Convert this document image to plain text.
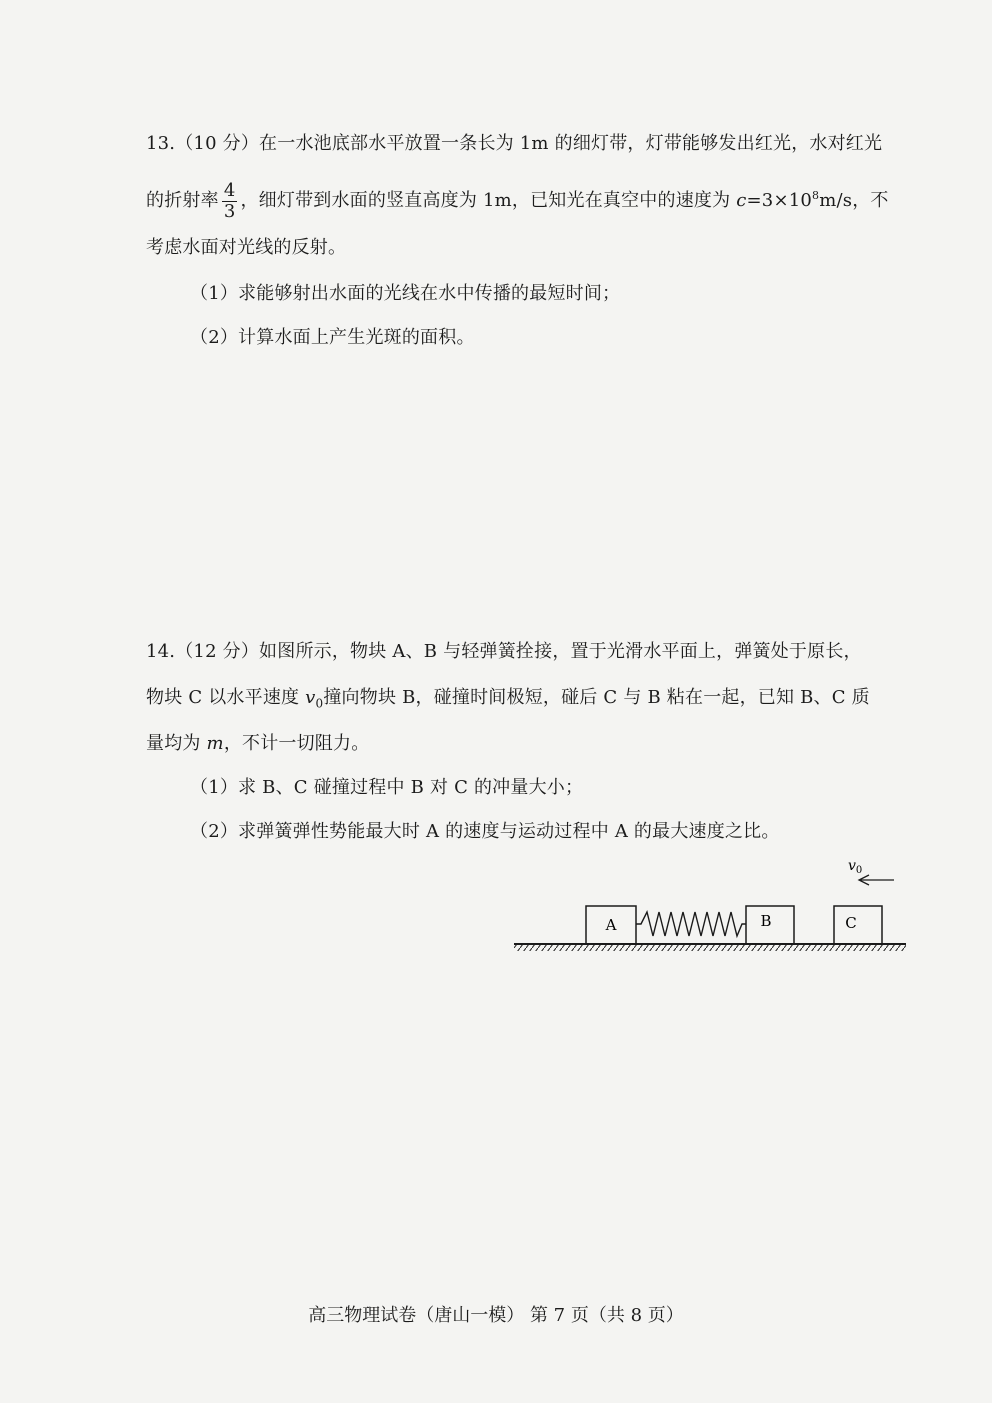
13.（10 分）在一水池底部水平放置一条长为 1m 的细灯带，灯带能够发出红光，水对红光
的折射率 $\frac{4}{3}$ ，细灯带到水面的竖直高度为 1m，已知光在真空中的速度为 $c=3\times 10^8m/s$，不
考虑水面对光线的反射。
（1）求能够射出水面的光线在水中传播的最短时间；
（2）计算水面上产生光斑的面积。
14.（12 分）如图所示，物块 A、B 与轻弹簧拴接，置于光滑水平面上，弹簧处于原长，
物块 C 以水平速度 $v_0$撞向物块 B，碰撞时间极短，碰后 C 与 B 粘在一起，已知 B、C 质
量均为 m，不计一切阻力。
（1）求 B、C 碰撞过程中 B 对 C 的冲量大小；
（2）求弹簧弹性势能最大时 A 的速度与运动过程中 A 的最大速度之比。
A	B	C
$v_0$
高三物理试卷（唐山一模） 第 7 页（共 8 页）
